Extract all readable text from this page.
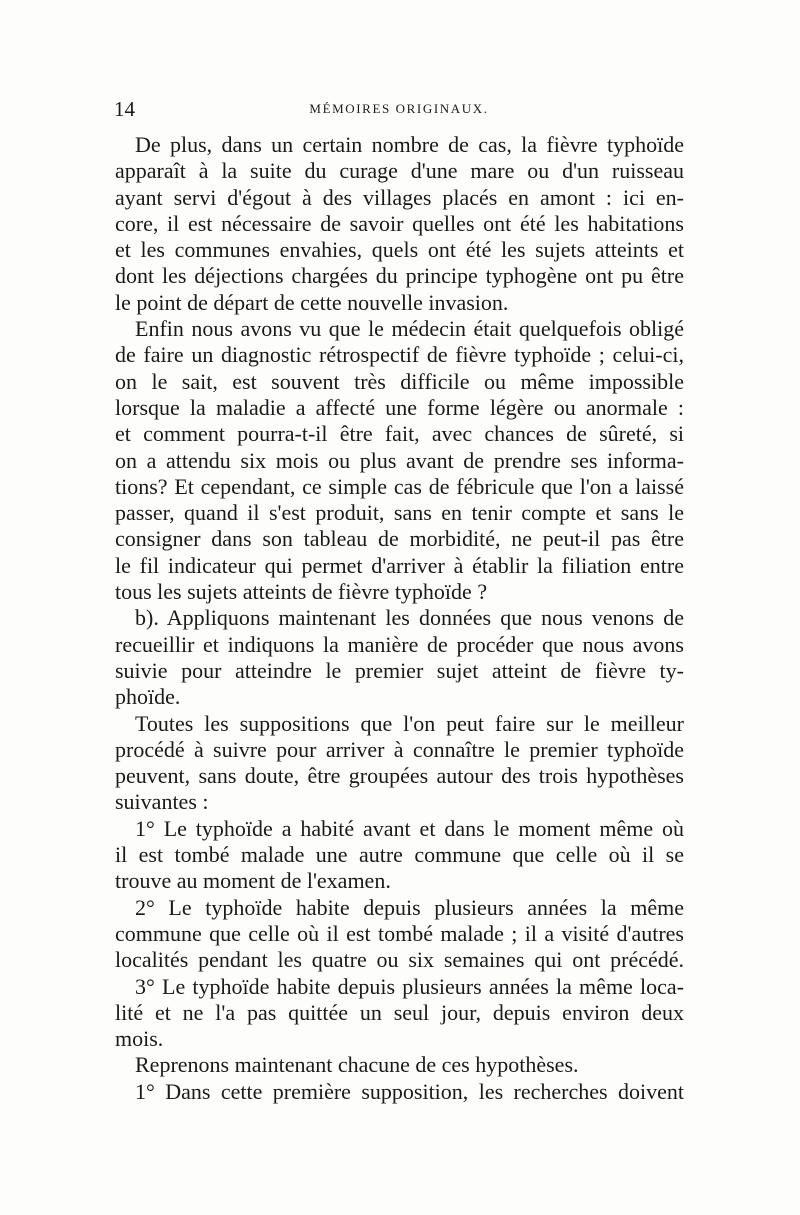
14	MÉMOIRES ORIGINAUX.
De plus, dans un certain nombre de cas, la fièvre typhoïde
apparaît à la suite du curage d'une mare ou d'un ruisseau
ayant servi d'égout à des villages placés en amont : ici en-
core, il est nécessaire de savoir quelles ont été les habitations
et les communes envahies, quels ont été les sujets atteints et
dont les déjections chargées du principe typhogène ont pu être
le point de départ de cette nouvelle invasion.
Enfin nous avons vu que le médecin était quelquefois obligé
de faire un diagnostic rétrospectif de fièvre typhoïde ; celui-ci,
on le sait, est souvent très difficile ou même impossible
lorsque la maladie a affecté une forme légère ou anormale :
et comment pourra-t-il être fait, avec chances de sûreté, si
on a attendu six mois ou plus avant de prendre ses informa-
tions? Et cependant, ce simple cas de fébricule que l'on a laissé
passer, quand il s'est produit, sans en tenir compte et sans le
consigner dans son tableau de morbidité, ne peut-il pas être
le fil indicateur qui permet d'arriver à établir la filiation entre
tous les sujets atteints de fièvre typhoïde ?
b). Appliquons maintenant les données que nous venons de
recueillir et indiquons la manière de procéder que nous avons
suivie pour atteindre le premier sujet atteint de fièvre ty-
phoïde.
Toutes les suppositions que l'on peut faire sur le meilleur
procédé à suivre pour arriver à connaître le premier typhoïde
peuvent, sans doute, être groupées autour des trois hypothèses
suivantes :
1° Le typhoïde a habité avant et dans le moment même où
il est tombé malade une autre commune que celle où il se
trouve au moment de l'examen.
2° Le typhoïde habite depuis plusieurs années la même
commune que celle où il est tombé malade ; il a visité d'autres
localités pendant les quatre ou six semaines qui ont précédé.
3° Le typhoïde habite depuis plusieurs années la même loca-
lité et ne l'a pas quittée un seul jour, depuis environ deux
mois.
Reprenons maintenant chacune de ces hypothèses.
1° Dans cette première supposition, les recherches doivent
